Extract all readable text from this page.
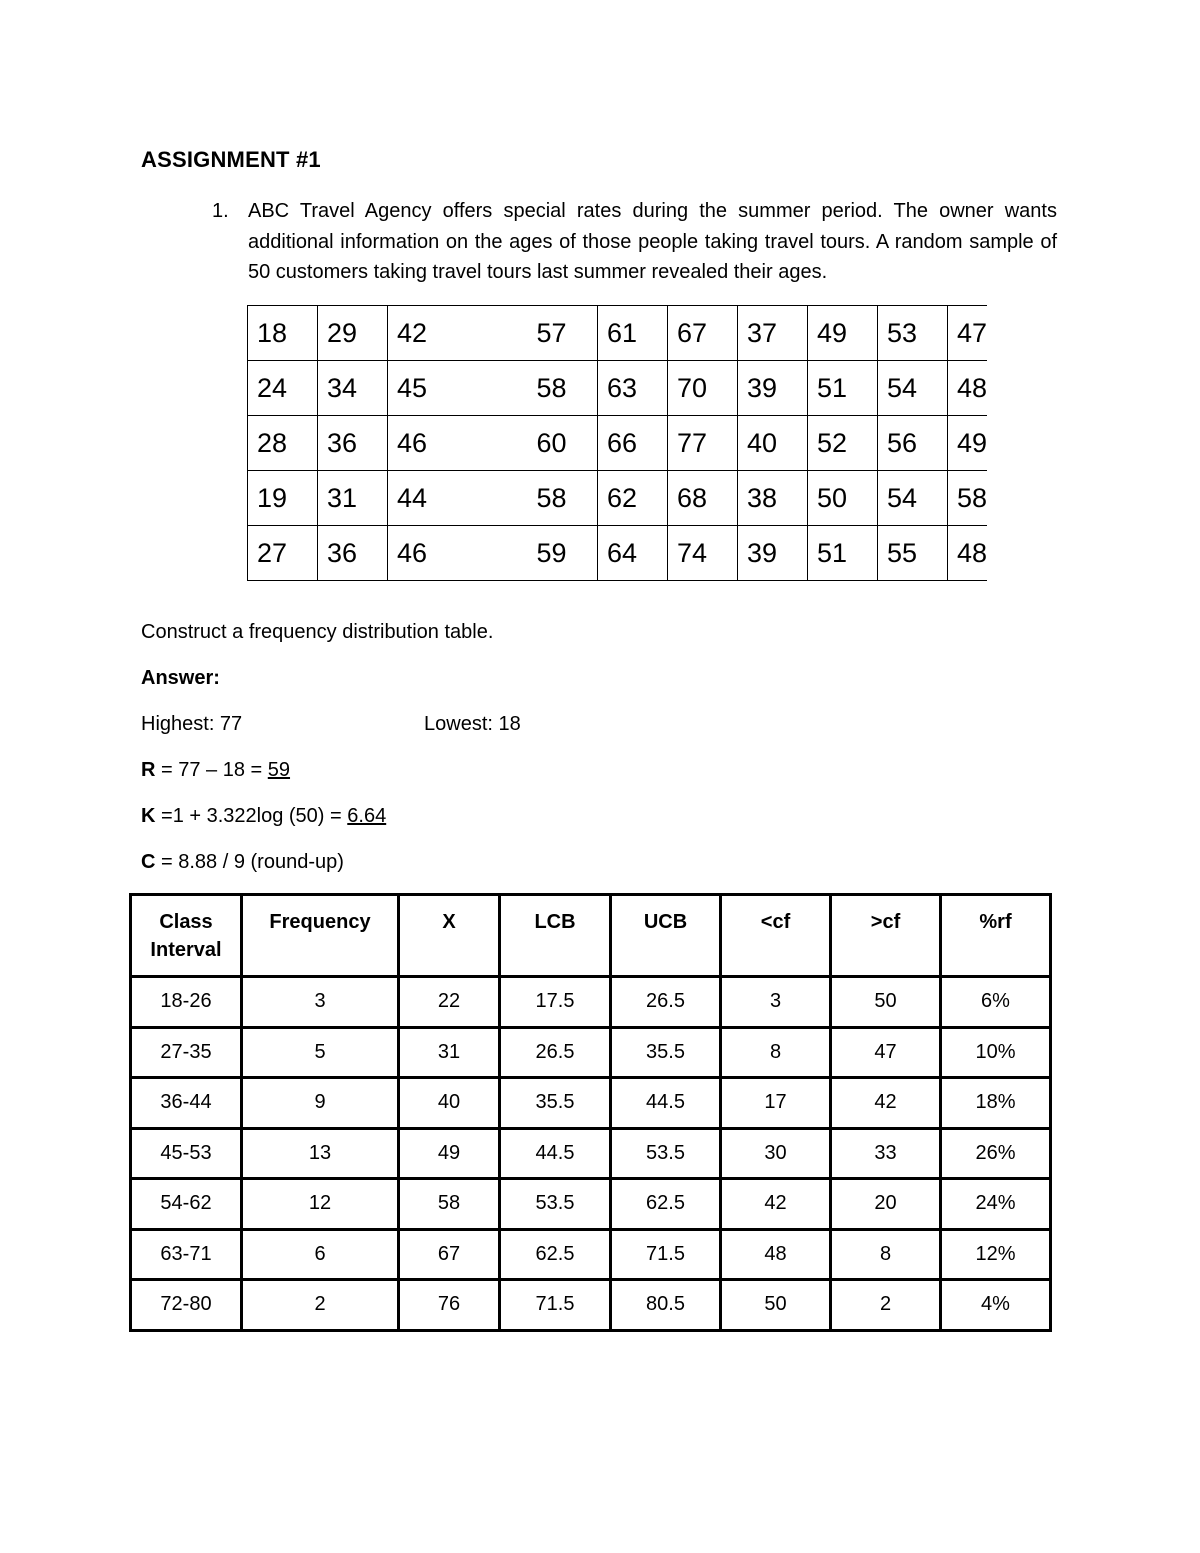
ASSIGNMENT #1
1. ABC Travel Agency offers special rates during the summer period. The owner wants additional information on the ages of those people taking travel tours. A random sample of 50 customers taking travel tours last summer revealed their ages.
18	29	42	57	61	67	37	49	53	47
24	34	45	58	63	70	39	51	54	48
28	36	46	60	66	77	40	52	56	49
19	31	44	58	62	68	38	50	54	58
27	36	46	59	64	74	39	51	55	48
Construct a frequency distribution table.
Answer:
Highest: 77	Lowest: 18
R = 77 – 18 = 59
K =1 + 3.322log (50) = 6.64
C = 8.88 / 9 (round-up)
Class Interval	Frequency	X	LCB	UCB	<cf	>cf	%rf
18-26	3	22	17.5	26.5	3	50	6%
27-35	5	31	26.5	35.5	8	47	10%
36-44	9	40	35.5	44.5	17	42	18%
45-53	13	49	44.5	53.5	30	33	26%
54-62	12	58	53.5	62.5	42	20	24%
63-71	6	67	62.5	71.5	48	8	12%
72-80	2	76	71.5	80.5	50	2	4%
